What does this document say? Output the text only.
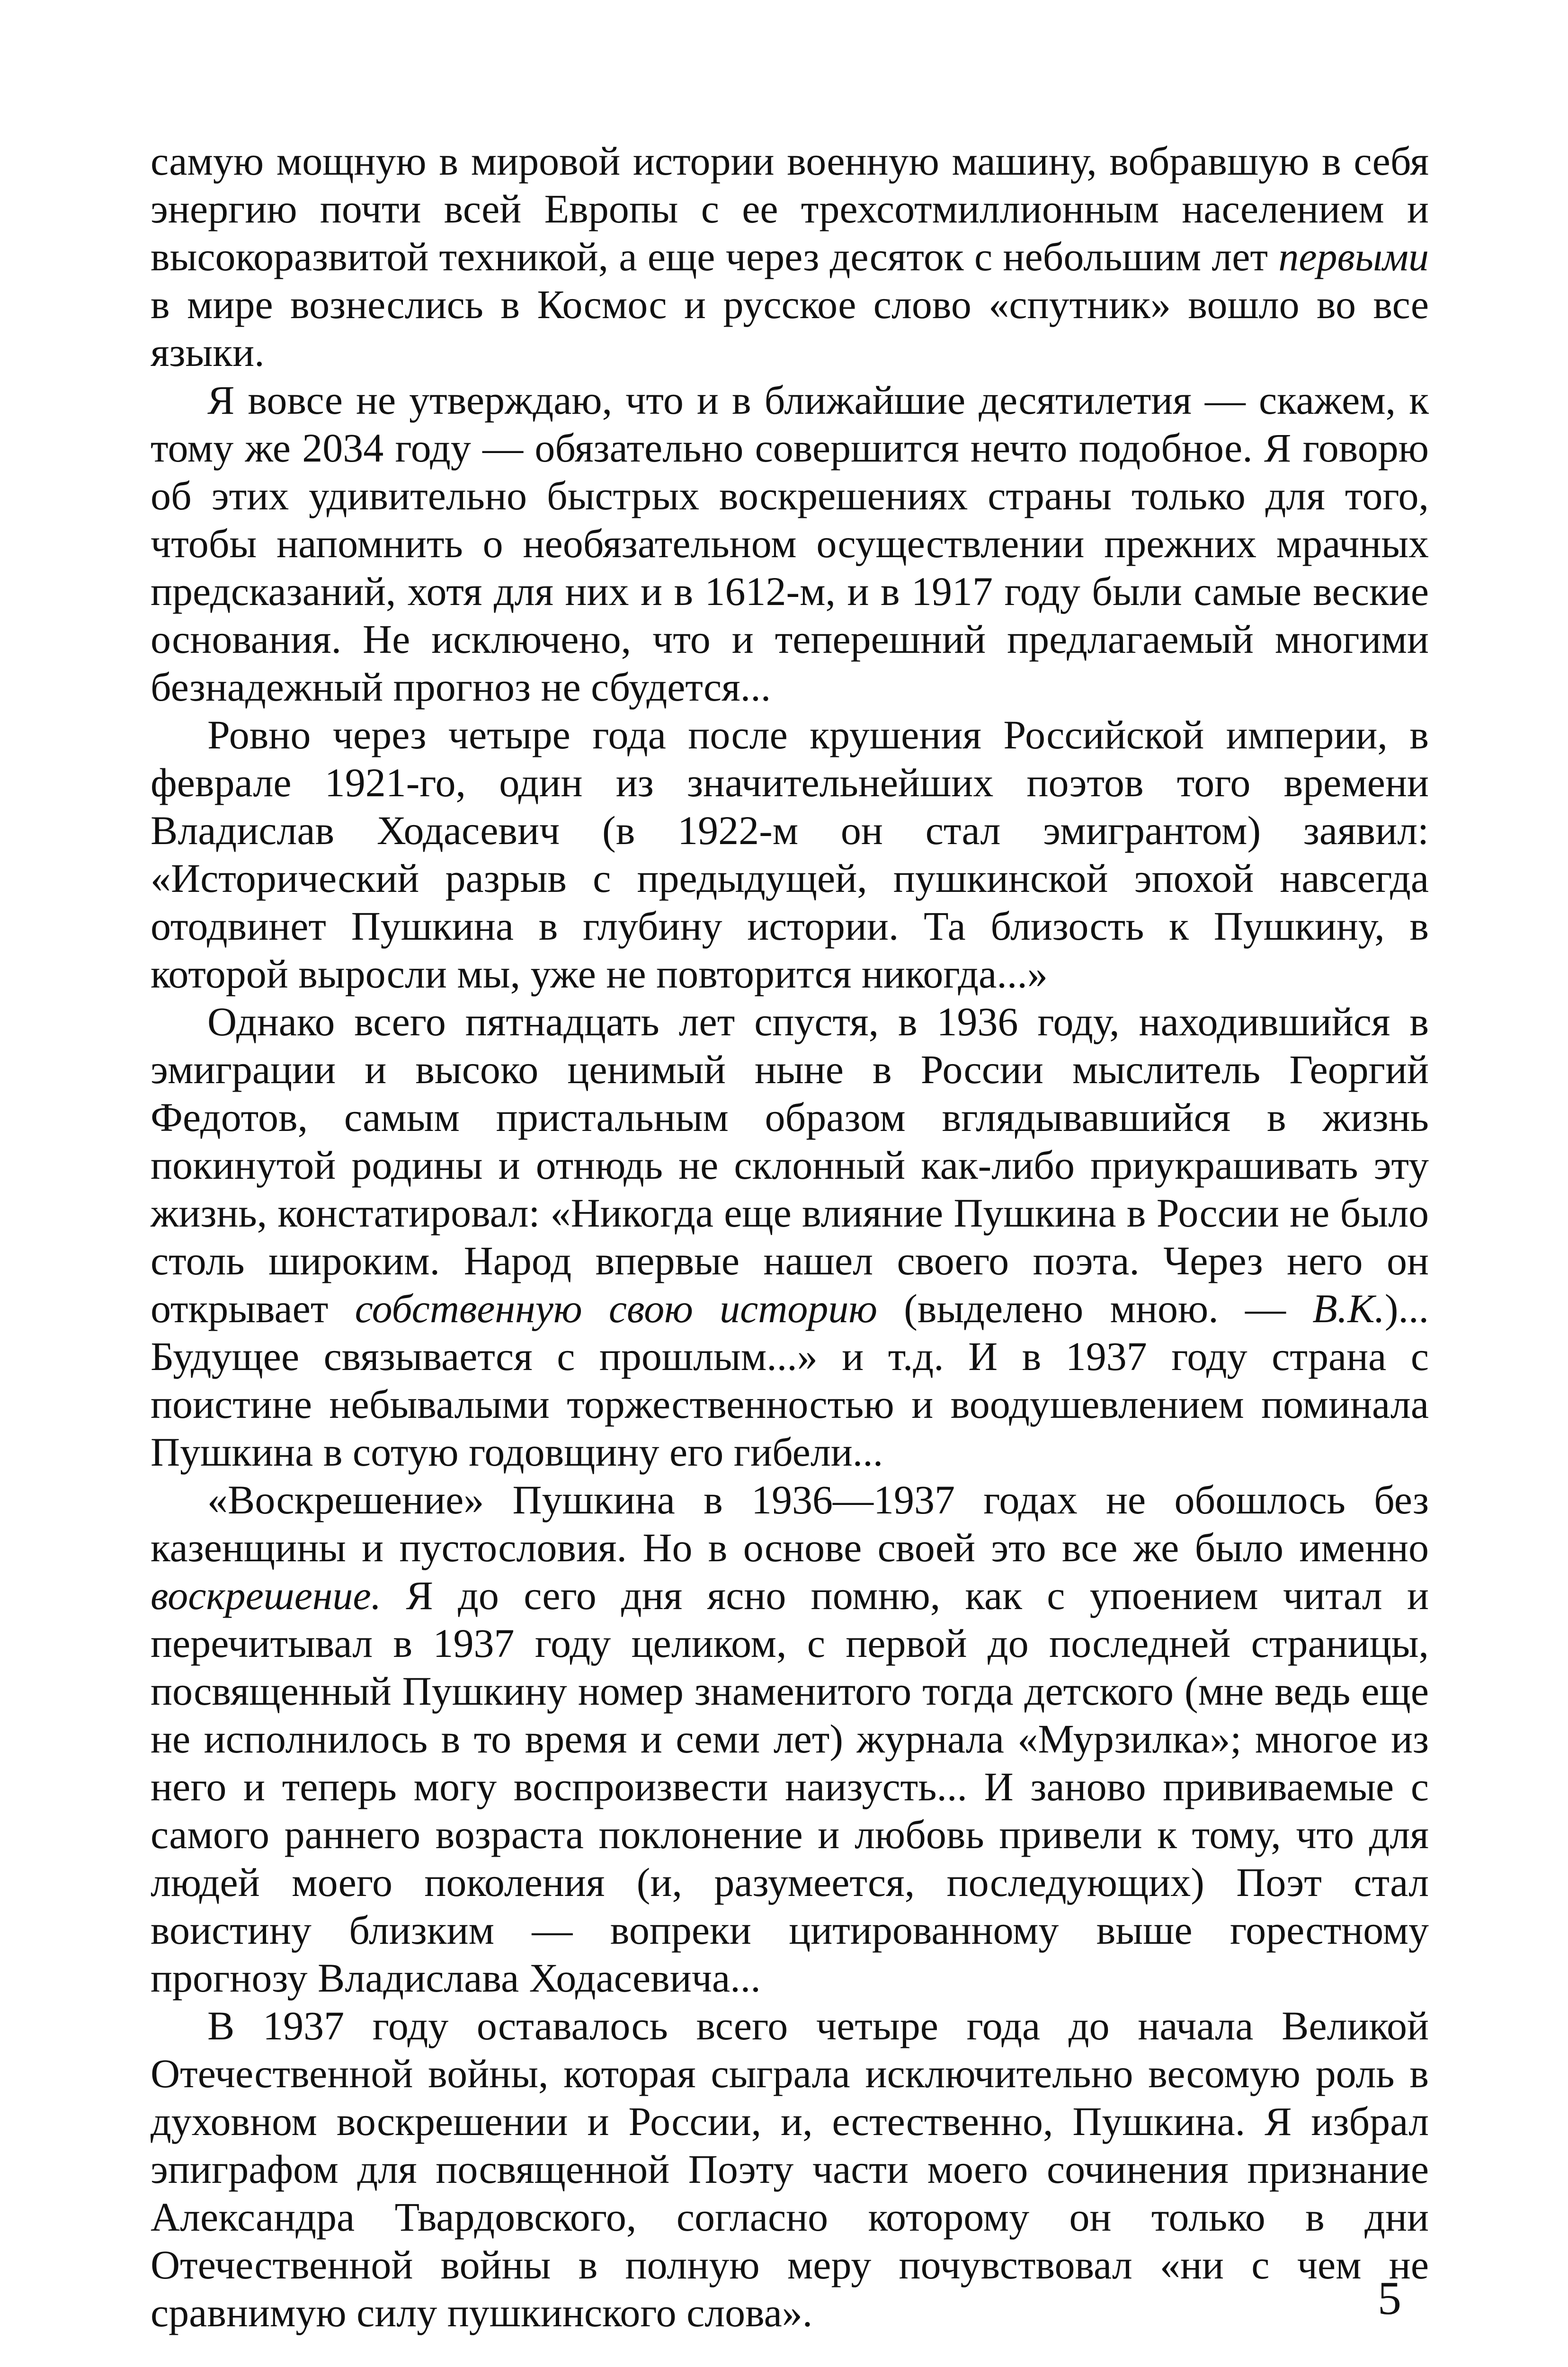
самую мощную в мировой истории военную машину, вобравшую в себя энергию почти всей Европы с ее трехсотмиллионным населением и высокоразвитой техникой, а еще через десяток с небольшим лет первыми в мире вознеслись в Космос и русское слово «спутник» вошло во все языки.

Я вовсе не утверждаю, что и в ближайшие десятилетия — скажем, к тому же 2034 году — обязательно совершится нечто подобное. Я говорю об этих удивительно быстрых воскрешениях страны только для того, чтобы напомнить о необязательном осуществлении прежних мрачных предсказаний, хотя для них и в 1612-м, и в 1917 году были самые веские основания. Не исключено, что и теперешний предлагаемый многими безнадежный прогноз не сбудется...

Ровно через четыре года после крушения Российской империи, в феврале 1921-го, один из значительнейших поэтов того времени Владислав Ходасевич (в 1922-м он стал эмигрантом) заявил: «Исторический разрыв с предыдущей, пушкинской эпохой навсегда отодвинет Пушкина в глубину истории. Та близость к Пушкину, в которой выросли мы, уже не повторится никогда...»

Однако всего пятнадцать лет спустя, в 1936 году, находившийся в эмиграции и высоко ценимый ныне в России мыслитель Георгий Федотов, самым пристальным образом вглядывавшийся в жизнь покинутой родины и отнюдь не склонный как-либо приукрашивать эту жизнь, констатировал: «Никогда еще влияние Пушкина в России не было столь широким. Народ впервые нашел своего поэта. Через него он открывает собственную свою историю (выделено мною. — В.К.)... Будущее связывается с прошлым...» и т.д. И в 1937 году страна с поистине небывалыми торжественностью и воодушевлением поминала Пушкина в сотую годовщину его гибели...

«Воскрешение» Пушкина в 1936—1937 годах не обошлось без казенщины и пустословия. Но в основе своей это все же было именно воскрешение. Я до сего дня ясно помню, как с упоением читал и перечитывал в 1937 году целиком, с первой до последней страницы, посвященный Пушкину номер знаменитого тогда детского (мне ведь еще не исполнилось в то время и семи лет) журнала «Мурзилка»; многое из него и теперь могу воспроизвести наизусть... И заново прививаемые с самого раннего возраста поклонение и любовь привели к тому, что для людей моего поколения (и, разумеется, последующих) Поэт стал воистину близким — вопреки цитированному выше горестному прогнозу Владислава Ходасевича...

В 1937 году оставалось всего четыре года до начала Великой Отечественной войны, которая сыграла исключительно весомую роль в духовном воскрешении и России, и, естественно, Пушкина. Я избрал эпиграфом для посвященной Поэту части моего сочинения признание Александра Твардовского, согласно которому он только в дни Отечественной войны в полную меру почувствовал «ни с чем не сравнимую силу пушкинского слова».	5
